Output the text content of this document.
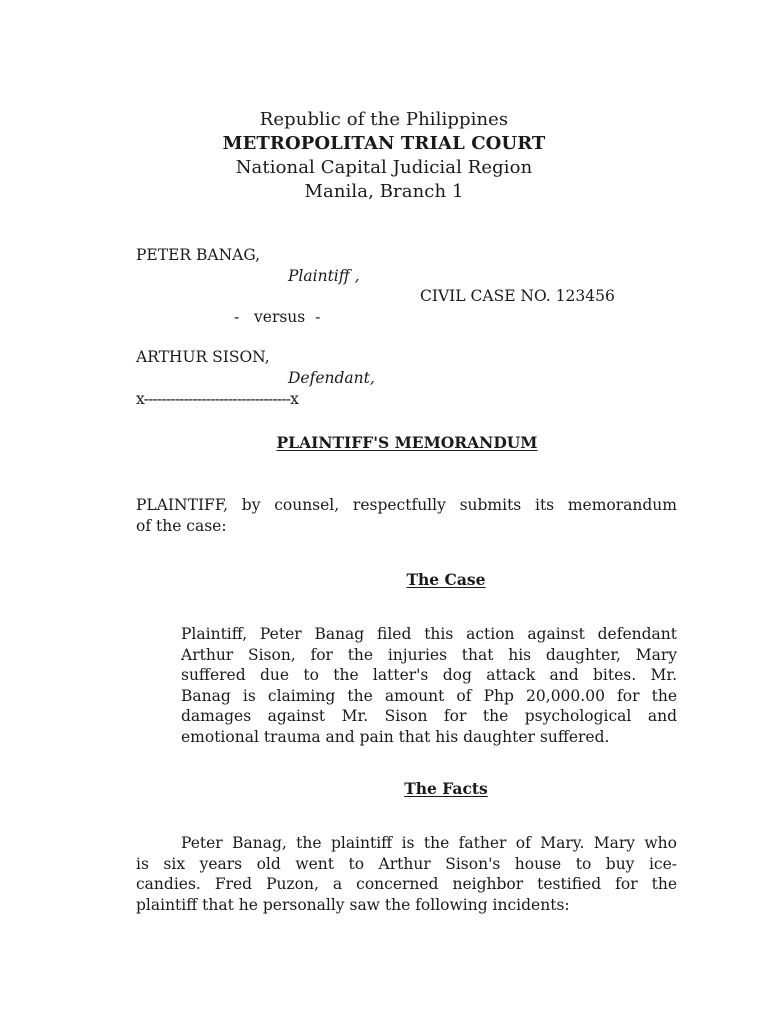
Republic of the Philippines
METROPOLITAN TRIAL COURT
National Capital Judicial Region
Manila, Branch 1
PETER BANAG,
Plaintiff ,
CIVIL CASE NO. 123456
-   versus  -
ARTHUR SISON,
Defendant,
x---------------------------------x
PLAINTIFF'S MEMORANDUM
PLAINTIFF, by counsel, respectfully submits its memorandum
of the case:
The Case
Plaintiff, Peter Banag filed this action against defendant
Arthur Sison, for the injuries that his daughter, Mary
suffered due to the latter's dog attack and bites. Mr.
Banag is claiming the amount of Php 20,000.00 for the
damages against Mr. Sison for the psychological and
emotional trauma and pain that his daughter suffered.
The Facts
Peter Banag, the plaintiff is the father of Mary. Mary who
is six years old went to Arthur Sison's house to buy ice-
candies. Fred Puzon, a concerned neighbor testified for the
plaintiff that he personally saw the following incidents:
